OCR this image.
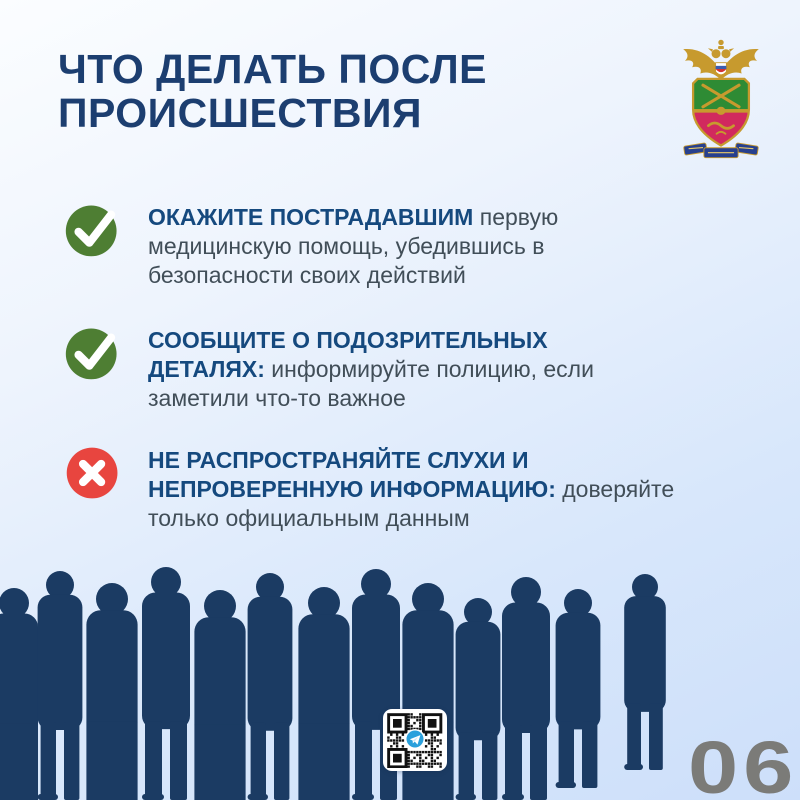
ЧТО ДЕЛАТЬ ПОСЛЕ
ПРОИСШЕСТВИЯ

ОКАЖИТЕ ПОСТРАДАВШИМ первую медицинскую помощь, убедившись в безопасности своих действий

СООБЩИТЕ О ПОДОЗРИТЕЛЬНЫХ ДЕТАЛЯХ: информируйте полицию, если заметили что-то важное

НЕ РАСПРОСТРАНЯЙТЕ СЛУХИ И НЕПРОВЕРЕННУЮ ИНФОРМАЦИЮ: доверяйте только официальным данным

06
